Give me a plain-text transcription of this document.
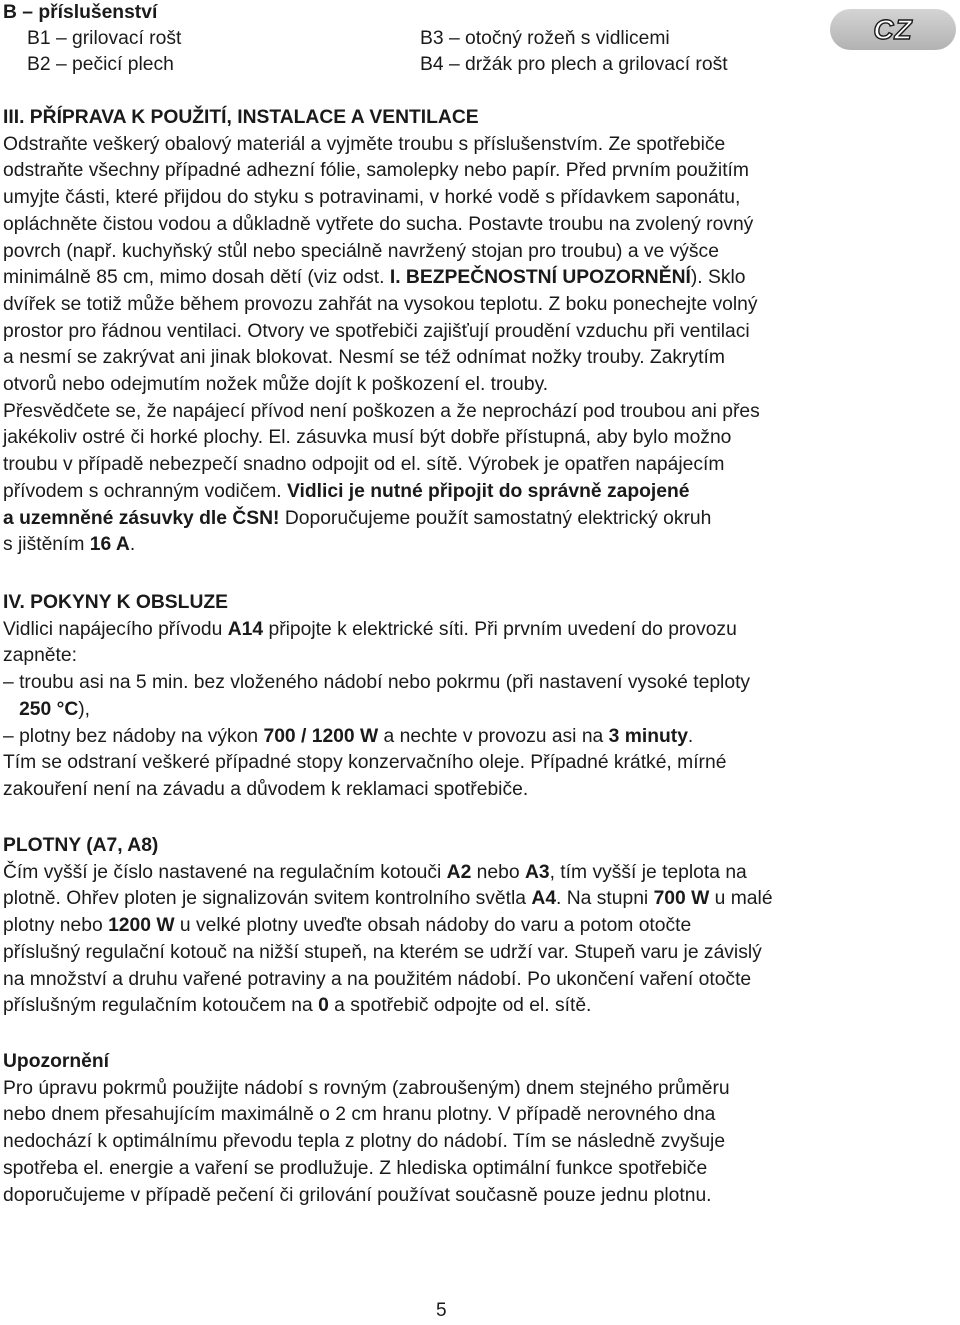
B – příslušenství
B1 – grilovací rošt
B2 – pečicí plech
B3 – otočný rožeň s vidlicemi
B4 – držák pro plech a grilovací rošt
CZ

III. PŘÍPRAVA K POUŽITÍ, INSTALACE A VENTILACE

Odstraňte veškerý obalový materiál a vyjměte troubu s příslušenstvím. Ze spotřebiče

odstraňte všechny případné adhezní fólie, samolepky nebo papír. Před prvním použitím

umyjte části, které přijdou do styku s potravinami, v horké vodě s přídavkem saponátu,

opláchněte čistou vodou a důkladně vytřete do sucha. Postavte troubu na zvolený rovný

povrch (např. kuchyňský stůl nebo speciálně navržený stojan pro troubu) a ve výšce

minimálně 85 cm, mimo dosah dětí (viz odst. I. BEZPEČNOSTNÍ UPOZORNĚNÍ). Sklo

dvířek se totiž může během provozu zahřát na vysokou teplotu. Z boku ponechejte volný

prostor pro řádnou ventilaci. Otvory ve spotřebiči zajišťují proudění vzduchu při ventilaci

a nesmí se zakrývat ani jinak blokovat. Nesmí se též odnímat nožky trouby. Zakrytím

otvorů nebo odejmutím nožek může dojít k poškození el. trouby.

Přesvědčete se, že napájecí přívod není poškozen a že neprochází pod troubou ani přes

jakékoliv ostré či horké plochy. El. zásuvka musí být dobře přístupná, aby bylo možno

troubu v případě nebezpečí snadno odpojit od el. sítě. Výrobek je opatřen napájecím

přívodem s ochranným vodičem. Vidlici je nutné připojit do správně zapojené

a uzemněné zásuvky dle ČSN! Doporučujeme použít samostatný elektrický okruh

s jištěním 16 A.

IV. POKYNY K OBSLUZE

Vidlici napájecího přívodu A14 připojte k elektrické síti. Při prvním uvedení do provozu

zapněte:

– troubu asi na 5 min. bez vloženého nádobí nebo pokrmu (při nastavení vysoké teploty

250 °C),

– plotny bez nádoby na výkon 700 / 1200 W a nechte v provozu asi na 3 minuty.

Tím se odstraní veškeré případné stopy konzervačního oleje. Případné krátké, mírné

zakouření není na závadu a důvodem k reklamaci spotřebiče.

PLOTNY (A7, A8)

Čím vyšší je číslo nastavené na regulačním kotouči A2 nebo A3, tím vyšší je teplota na

plotně. Ohřev ploten je signalizován svitem kontrolního světla A4. Na stupni 700 W u malé

plotny nebo 1200 W u velké plotny uveďte obsah nádoby do varu a potom otočte

příslušný regulační kotouč na nižší stupeň, na kterém se udrží var. Stupeň varu je závislý

na množství a druhu vařené potraviny a na použitém nádobí. Po ukončení vaření otočte

příslušným regulačním kotoučem na 0 a spotřebič odpojte od el. sítě.

Upozornění

Pro úpravu pokrmů použijte nádobí s rovným (zabroušeným) dnem stejného průměru

nebo dnem přesahujícím maximálně o 2 cm hranu plotny. V případě nerovného dna

nedochází k optimálnímu převodu tepla z plotny do nádobí. Tím se následně zvyšuje

spotřeba el. energie a vaření se prodlužuje. Z hlediska optimální funkce spotřebiče

doporučujeme v případě pečení či grilování používat současně pouze jednu plotnu.

5
